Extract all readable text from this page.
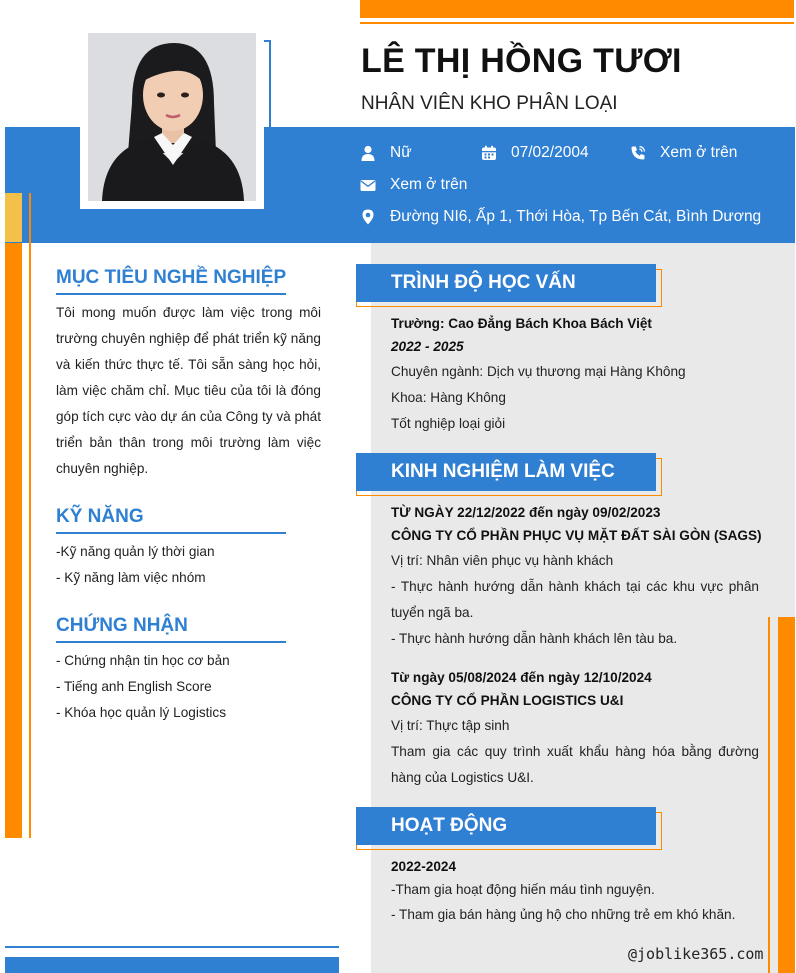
LÊ THỊ HỒNG TƯƠI
NHÂN VIÊN KHO PHÂN LOẠI
Nữ	07/02/2004	Xem ở trên
Xem ở trên
Đường NI6, Ấp 1, Thới Hòa, Tp Bến Cát, Bình Dương
MỤC TIÊU NGHỀ NGHIỆP
Tôi mong muốn được làm việc trong môi trường chuyên nghiệp để phát triển kỹ năng và kiến thức thực tế. Tôi sẵn sàng học hỏi, làm việc chăm chỉ. Mục tiêu của tôi là đóng góp tích cực vào dự án của Công ty và phát triển bản thân trong môi trường làm việc chuyên nghiệp.
KỸ NĂNG
-Kỹ năng quản lý thời gian
- Kỹ năng làm việc nhóm
CHỨNG NHẬN
- Chứng nhận tin học cơ bản
- Tiếng anh English Score
- Khóa học quản lý Logistics
TRÌNH ĐỘ HỌC VẤN
Trường: Cao Đẳng Bách Khoa Bách Việt
2022 - 2025
Chuyên ngành: Dịch vụ thương mại Hàng Không
Khoa: Hàng Không
Tốt nghiệp loại giỏi
KINH NGHIỆM LÀM VIỆC
TỪ NGÀY 22/12/2022 đến ngày 09/02/2023
CÔNG TY CỔ PHẦN PHỤC VỤ MẶT ĐẤT SÀI GÒN (SAGS)
Vị trí: Nhân viên phục vụ hành khách
- Thực hành hướng dẫn hành khách tại các khu vực phân tuyển ngã ba.
- Thực hành hướng dẫn hành khách lên tàu ba.
Từ ngày 05/08/2024 đến ngày 12/10/2024
CÔNG TY CỔ PHẦN LOGISTICS U&I
Vị trí: Thực tập sinh
Tham gia các quy trình xuất khẩu hàng hóa bằng đường hàng của Logistics U&I.
HOẠT ĐỘNG
2022-2024
-Tham gia hoạt động hiến máu tình nguyện.
- Tham gia bán hàng ủng hộ cho những trẻ em khó khăn.
@joblike365.com
